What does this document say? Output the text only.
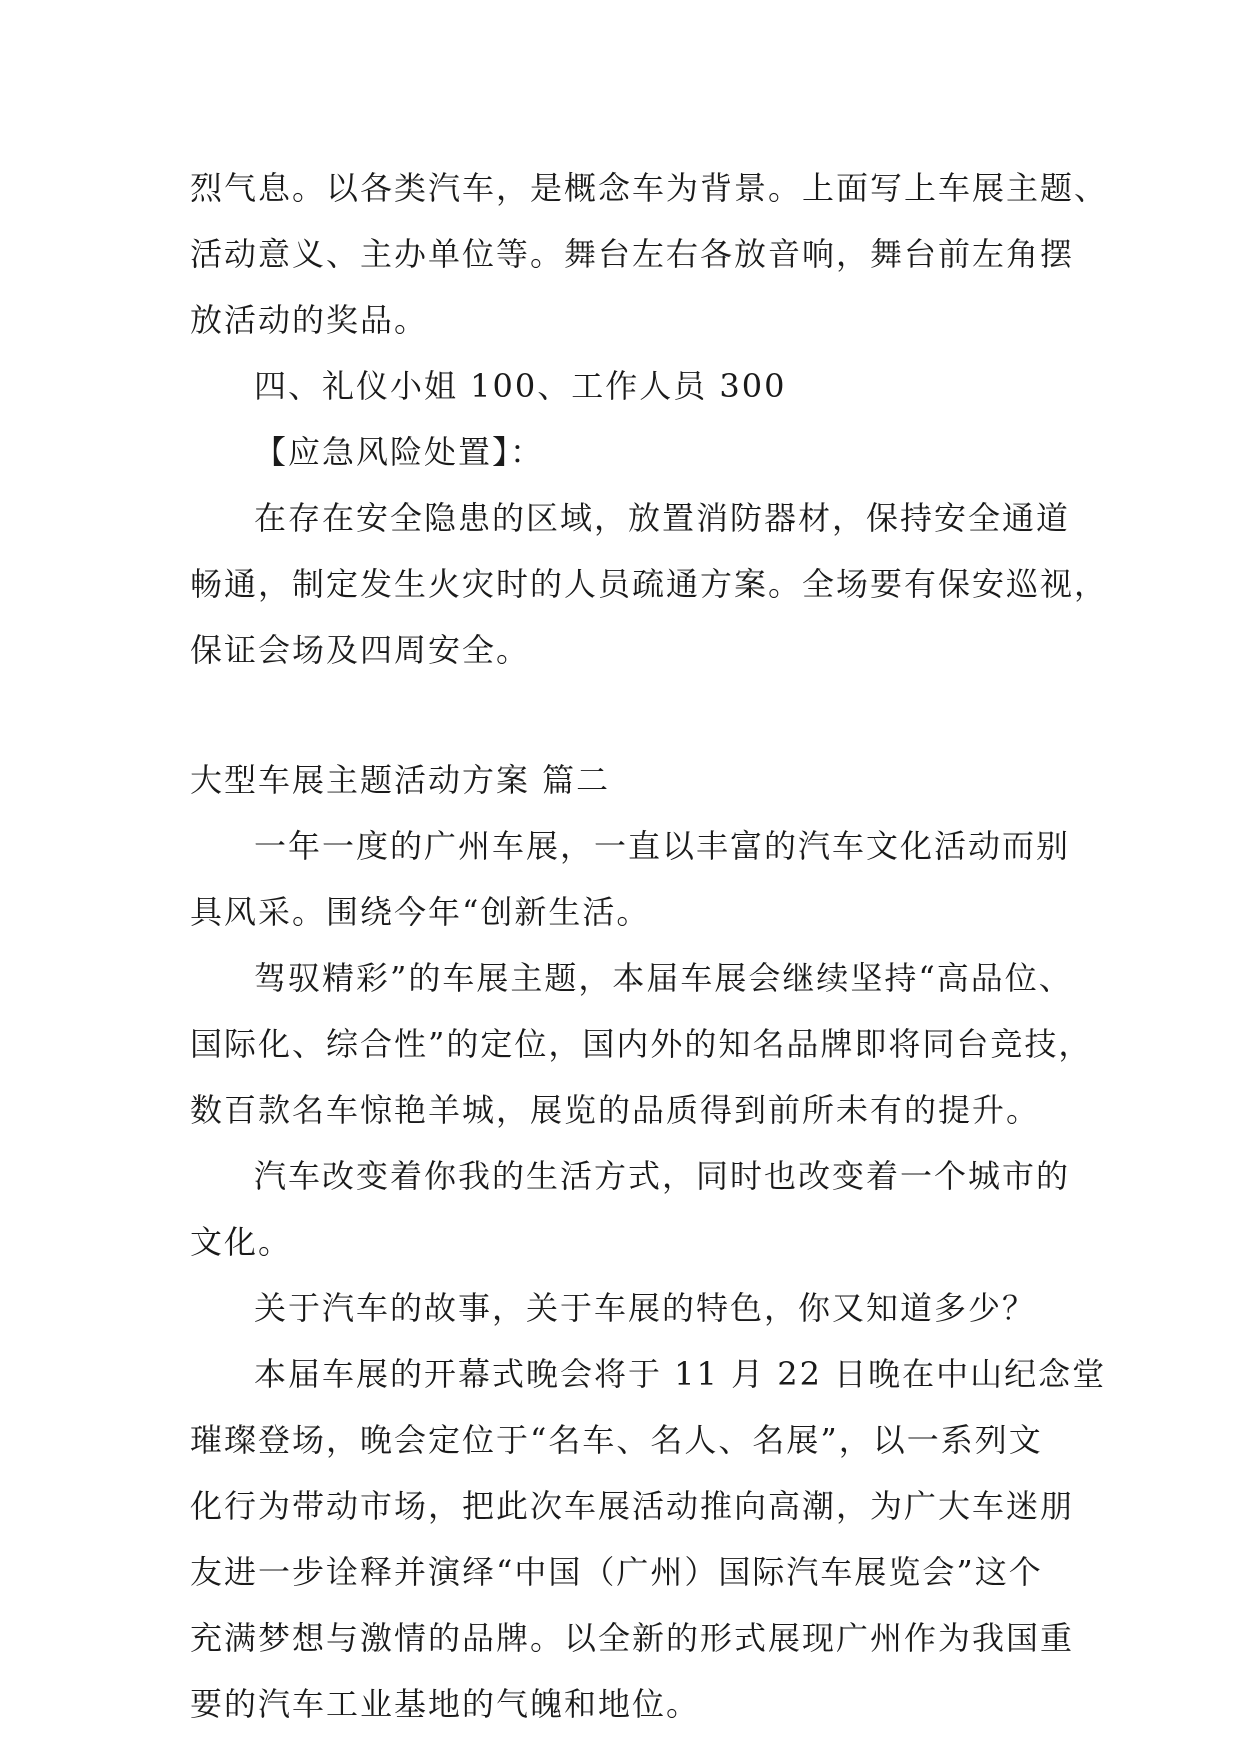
烈气息。以各类汽车，是概念车为背景。上面写上车展主题、
活动意义、主办单位等。舞台左右各放音响，舞台前左角摆
放活动的奖品。
四、礼仪小姐 100、工作人员 300
【应急风险处置】：
在存在安全隐患的区域，放置消防器材，保持安全通道
畅通，制定发生火灾时的人员疏通方案。全场要有保安巡视，
保证会场及四周安全。
大型车展主题活动方案 篇二
一年一度的广州车展，一直以丰富的汽车文化活动而别
具风采。围绕今年“创新生活。
驾驭精彩”的车展主题，本届车展会继续坚持“高品位、
国际化、综合性”的定位，国内外的知名品牌即将同台竞技，
数百款名车惊艳羊城，展览的品质得到前所未有的提升。
汽车改变着你我的生活方式，同时也改变着一个城市的
文化。
关于汽车的故事，关于车展的特色，你又知道多少？
本届车展的开幕式晚会将于 11 月 22 日晚在中山纪念堂
璀璨登场，晚会定位于“名车、名人、名展”，以一系列文
化行为带动市场，把此次车展活动推向高潮，为广大车迷朋
友进一步诠释并演绎“中国（广州）国际汽车展览会”这个
充满梦想与激情的品牌。以全新的形式展现广州作为我国重
要的汽车工业基地的气魄和地位。
